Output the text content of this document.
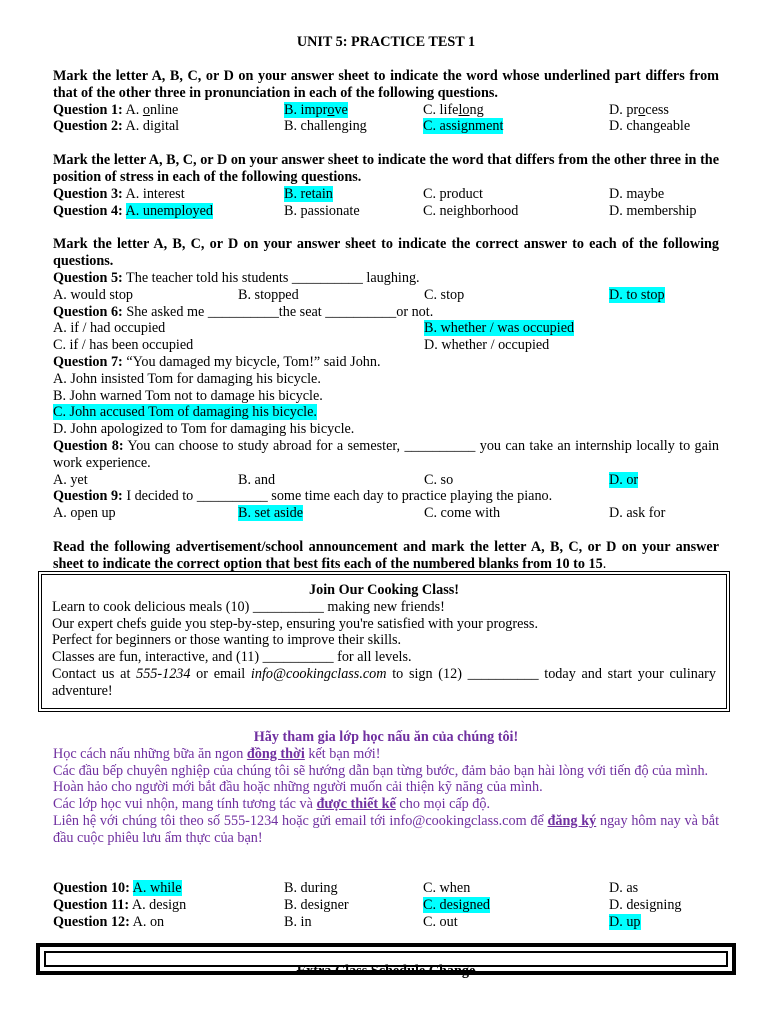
UNIT 5: PRACTICE TEST 1
Mark the letter A, B, C, or D on your answer sheet to indicate the word whose underlined part differs from that of the other three in pronunciation in each of the following questions.
Question 1: A. online	B. improve	C. lifelong	D. process
Question 2: A. digital	B. challenging	C. assignment	D. changeable
Mark the letter A, B, C, or D on your answer sheet to indicate the word that differs from the other three in the position of stress in each of the following questions.
Question 3: A. interest	B. retain	C. product	D. maybe
Question 4: A. unemployed	B. passionate	C. neighborhood	D. membership
Mark the letter A, B, C, or D on your answer sheet to indicate the correct answer to each of the following questions.
Question 5: The teacher told his students __________ laughing.
A. would stop	B. stopped	C. stop	D. to stop
Question 6: She asked me __________the seat __________or not.
A. if / had occupied	B. whether / was occupied
C. if / has been occupied	D. whether / occupied
Question 7: “You damaged my bicycle, Tom!” said John.
A. John insisted Tom for damaging his bicycle.
B. John warned Tom not to damage his bicycle.
C. John accused Tom of damaging his bicycle.
D. John apologized to Tom for damaging his bicycle.
Question 8: You can choose to study abroad for a semester, __________ you can take an internship locally to gain work experience.
A. yet	B. and	C. so	D. or
Question 9: I decided to __________ some time each day to practice playing the piano.
A. open up	B. set aside	C. come with	D. ask for
Read the following advertisement/school announcement and mark the letter A, B, C, or D on your answer sheet to indicate the correct option that best fits each of the numbered blanks from 10 to 15.
Join Our Cooking Class!
Learn to cook delicious meals (10) __________ making new friends!
Our expert chefs guide you step-by-step, ensuring you're satisfied with your progress.
Perfect for beginners or those wanting to improve their skills.
Classes are fun, interactive, and (11) __________ for all levels.
Contact us at 555-1234 or email info@cookingclass.com to sign (12) __________ today and start your culinary adventure!
Hãy tham gia lớp học nấu ăn của chúng tôi!
Học cách nấu những bữa ăn ngon đồng thời kết bạn mới!
Các đầu bếp chuyên nghiệp của chúng tôi sẽ hướng dẫn bạn từng bước, đảm bảo bạn hài lòng với tiến độ của mình.
Hoàn hảo cho người mới bắt đầu hoặc những người muốn cải thiện kỹ năng của mình.
Các lớp học vui nhộn, mang tính tương tác và được thiết kế cho mọi cấp độ.
Liên hệ với chúng tôi theo số 555-1234 hoặc gửi email tới info@cookingclass.com để đăng ký ngay hôm nay và bắt đầu cuộc phiêu lưu ẩm thực của bạn!
Question 10: A. while	B. during	C. when	D. as
Question 11: A. design	B. designer	C. designed	D. designing
Question 12: A. on	B. in	C. out	D. up
Extra Class Schedule Change
